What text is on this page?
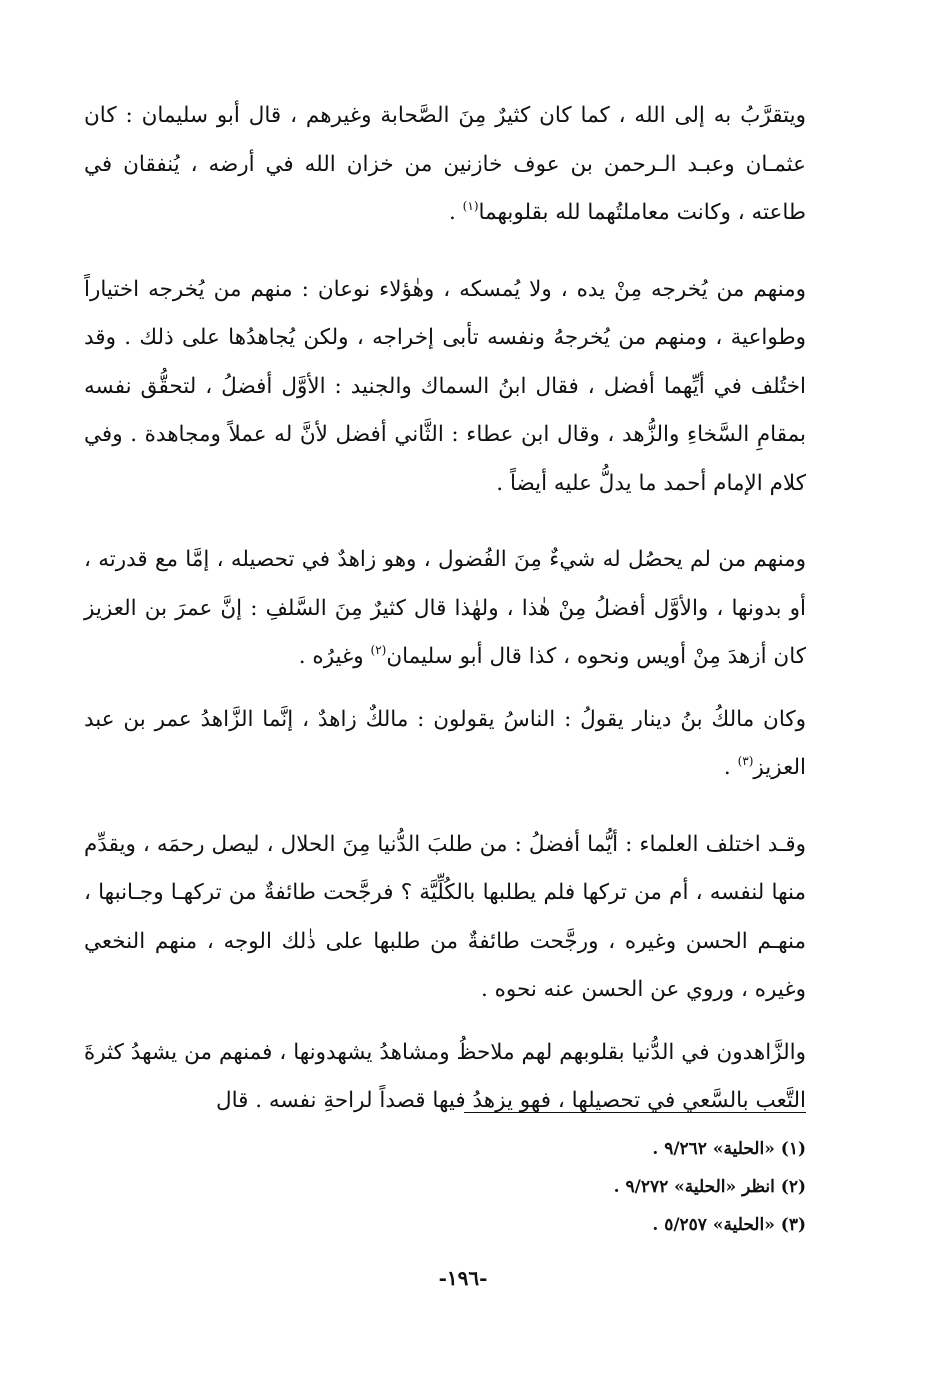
ويتقرَّبُ به إلى الله ، كما كان كثيرٌ مِنَ الصَّحابة وغيرهم ، قال أبو سليمان : كان عثمـان وعبـد الـرحمن بن عوف خازنين من خزان الله في أرضه ، يُنفقان في طاعته ، وكانت معاملتُهما لله بقلوبهما$^{(١)}$ .

ومنهم من يُخرجه مِنْ يده ، ولا يُمسكه ، وهٰؤلاء نوعان : منهم من يُخرجه اختياراً وطواعية ، ومنهم من يُخرجهُ ونفسه تأبى إخراجه ، ولكن يُجاهدُها على ذلك . وقد اختُلف في أيِّهما أفضل ، فقال ابنُ السماك والجنيد : الأوَّل أفضلُ ، لتحقُّق نفسه بمقامِ السَّخاءِ والزُّهد ، وقال ابن عطاء : الثَّاني أفضل لأنَّ له عملاً ومجاهدة . وفي كلام الإمام أحمد ما يدلُّ عليه أيضاً .

ومنهم من لم يحصُل له شيءٌ مِنَ الفُضول ، وهو زاهدٌ في تحصيله ، إمَّا مع قدرته ، أو بدونها ، والأوَّل أفضلُ مِنْ هٰذا ، ولهٰذا قال كثيرٌ مِنَ السَّلفِ : إنَّ عمرَ بن العزيز كان أزهدَ مِنْ أويس ونحوه ، كذا قال أبو سليمان$^{(٢)}$ وغيرُه .

وكان مالكُ بنُ دينار يقولُ : الناسُ يقولون : مالكٌ زاهدٌ ، إنَّما الزَّاهدُ عمر بن عبد العزيز$^{(٣)}$ .

وقـد اختلف العلماء : أيُّما أفضلُ : من طلبَ الدُّنيا مِنَ الحلال ، ليصل رحمَه ، ويقدِّم منها لنفسه ، أم من تركها فلم يطلبها بالكُلِّيَّة ؟ فرجَّحت طائفةٌ من تركهـا وجـانبها ، منهـم الحسن وغيره ، ورجَّحت طائفةٌ من طلبها على ذٰلك الوجه ، منهم النخعي وغيره ، وروي عن الحسن عنه نحوه .

والزَّاهدون في الدُّنيا بقلوبهم لهم ملاحظُ ومشاهدُ يشهدونها ، فمنهم من يشهدُ كثرةَ التَّعب بالسَّعي في تحصيلها ، فهو يزهدُ فيها قصداً لراحةِ نفسه . قال

(١) «الحلية» ٩/٢٦٢ .

(٢) انظر «الحلية» ٩/٢٧٢ .

(٣) «الحلية» ٥/٢٥٧ .

-١٩٦-
